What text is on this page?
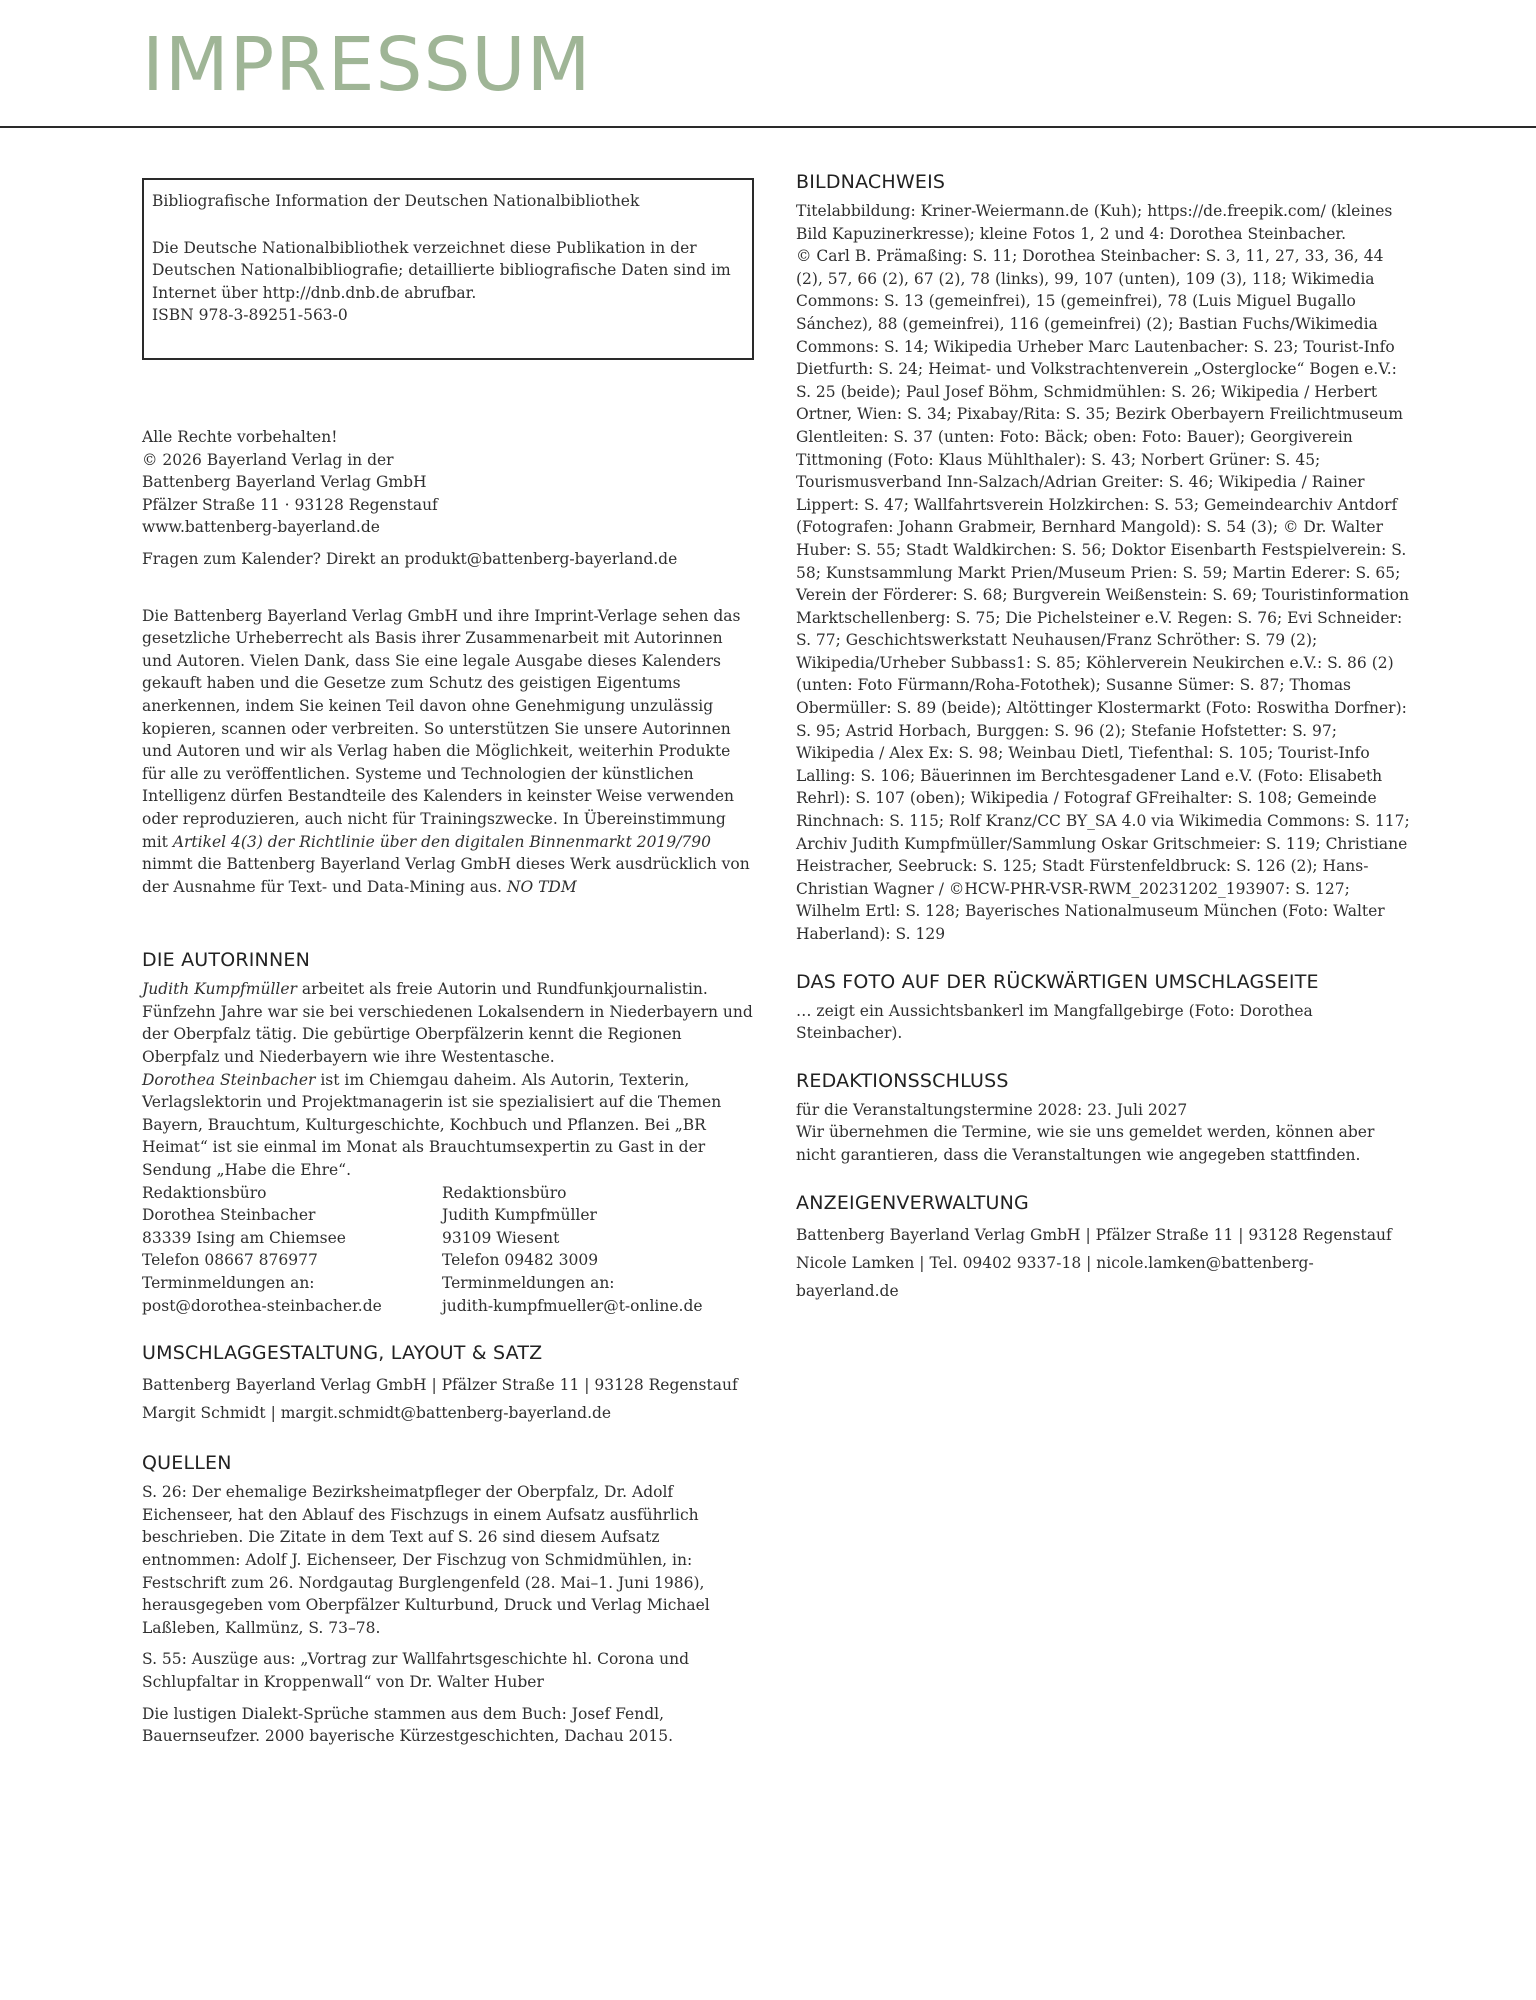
IMPRESSUM

Bibliografische Information der Deutschen Nationalbibliothek

Die Deutsche Nationalbibliothek verzeichnet diese Publikation in der Deutschen Nationalbibliografie; detaillierte bibliografische Daten sind im Internet über http://dnb.dnb.de abrufbar.

ISBN 978-3-89251-563-0

Alle Rechte vorbehalten!

© 2026 Bayerland Verlag in der

Battenberg Bayerland Verlag GmbH

Pfälzer Straße 11 · 93128 Regenstauf

www.battenberg-bayerland.de

Fragen zum Kalender? Direkt an produkt@battenberg-bayerland.de

Die Battenberg Bayerland Verlag GmbH und ihre Imprint-Verlage sehen das gesetzliche Urheberrecht als Basis ihrer Zusammenarbeit mit Autorinnen und Autoren. Vielen Dank, dass Sie eine legale Ausgabe dieses Kalenders gekauft haben und die Gesetze zum Schutz des geistigen Eigentums anerkennen, indem Sie keinen Teil davon ohne Genehmigung unzulässig kopieren, scannen oder verbreiten. So unterstützen Sie unsere Autorinnen und Autoren und wir als Verlag haben die Möglichkeit, weiterhin Produkte für alle zu veröffentlichen. Systeme und Technologien der künstlichen Intelligenz dürfen Bestandteile des Kalenders in keinster Weise verwenden oder reproduzieren, auch nicht für Trainingszwecke. In Übereinstimmung mit Artikel 4(3) der Richtlinie über den digitalen Binnenmarkt 2019/790 nimmt die Battenberg Bayerland Verlag GmbH dieses Werk ausdrücklich von der Ausnahme für Text- und Data-Mining aus. NO TDM

DIE AUTORINNEN

Judith Kumpfmüller arbeitet als freie Autorin und Rundfunkjournalistin. Fünfzehn Jahre war sie bei verschiedenen Lokalsendern in Niederbayern und der Oberpfalz tätig. Die gebürtige Oberpfälzerin kennt die Regionen Oberpfalz und Niederbayern wie ihre Westentasche.

Dorothea Steinbacher ist im Chiemgau daheim. Als Autorin, Texterin, Verlagslektorin und Projektmanagerin ist sie spezialisiert auf die Themen Bayern, Brauchtum, Kulturgeschichte, Kochbuch und Pflanzen. Bei „BR Heimat“ ist sie einmal im Monat als Brauchtumsexpertin zu Gast in der Sendung „Habe die Ehre“.

Redaktionsbüro

Dorothea Steinbacher

83339 Ising am Chiemsee

Telefon 08667 876977

Terminmeldungen an:

post@dorothea-steinbacher.de

Redaktionsbüro

Judith Kumpfmüller

93109 Wiesent

Telefon 09482 3009

Terminmeldungen an:

judith-kumpfmueller@t-online.de

UMSCHLAGGESTALTUNG, LAYOUT & SATZ

Battenberg Bayerland Verlag GmbH | Pfälzer Straße 11 | 93128 Regenstauf

Margit Schmidt | margit.schmidt@battenberg-bayerland.de

QUELLEN

S. 26: Der ehemalige Bezirksheimatpfleger der Oberpfalz, Dr. Adolf Eichenseer, hat den Ablauf des Fischzugs in einem Aufsatz ausführlich beschrieben. Die Zitate in dem Text auf S. 26 sind diesem Aufsatz entnommen: Adolf J. Eichenseer, Der Fischzug von Schmidmühlen, in: Festschrift zum 26. Nordgautag Burglengenfeld (28. Mai–1. Juni 1986), herausgegeben vom Oberpfälzer Kulturbund, Druck und Verlag Michael Laßleben, Kallmünz, S. 73–78.

S. 55: Auszüge aus: „Vortrag zur Wallfahrtsgeschichte hl. Corona und Schlupfaltar in Kroppenwall“ von Dr. Walter Huber

Die lustigen Dialekt-Sprüche stammen aus dem Buch: Josef Fendl, Bauernseufzer. 2000 bayerische Kürzestgeschichten, Dachau 2015.

BILDNACHWEIS

Titelabbildung: Kriner-Weiermann.de (Kuh); https://de.freepik.com/ (kleines Bild Kapuzinerkresse); kleine Fotos 1, 2 und 4: Dorothea Steinbacher.

© Carl B. Prämaßing: S. 11; Dorothea Steinbacher: S. 3, 11, 27, 33, 36, 44 (2), 57, 66 (2), 67 (2), 78 (links), 99, 107 (unten), 109 (3), 118; Wikimedia Commons: S. 13 (gemeinfrei), 15 (gemeinfrei), 78 (Luis Miguel Bugallo Sánchez), 88 (gemeinfrei), 116 (gemeinfrei) (2); Bastian Fuchs/Wikimedia Commons: S. 14; Wikipedia Urheber Marc Lautenbacher: S. 23; Tourist-Info Dietfurth: S. 24; Heimat- und Volkstrachtenverein „Osterglocke“ Bogen e.V.: S. 25 (beide); Paul Josef Böhm, Schmidmühlen: S. 26; Wikipedia / Herbert Ortner, Wien: S. 34; Pixabay/Rita: S. 35; Bezirk Oberbayern Freilichtmuseum Glentleiten: S. 37 (unten: Foto: Bäck; oben: Foto: Bauer); Georgiverein Tittmoning (Foto: Klaus Mühlthaler): S. 43; Norbert Grüner: S. 45; Tourismusverband Inn-Salzach/Adrian Greiter: S. 46; Wikipedia / Rainer Lippert: S. 47; Wallfahrtsverein Holzkirchen: S. 53; Gemeindearchiv Antdorf (Fotografen: Johann Grabmeir, Bernhard Mangold): S. 54 (3); © Dr. Walter Huber: S. 55; Stadt Waldkirchen: S. 56; Doktor Eisenbarth Festspielverein: S. 58; Kunstsammlung Markt Prien/Museum Prien: S. 59; Martin Ederer: S. 65; Verein der Förderer: S. 68; Burgverein Weißenstein: S. 69; Touristinformation Marktschellenberg: S. 75; Die Pichelsteiner e.V. Regen: S. 76; Evi Schneider: S. 77; Geschichtswerkstatt Neuhausen/Franz Schröther: S. 79 (2); Wikipedia/Urheber Subbass1: S. 85; Köhlerverein Neukirchen e.V.: S. 86 (2) (unten: Foto Fürmann/Roha-Fotothek); Susanne Sümer: S. 87; Thomas Obermüller: S. 89 (beide); Altöttinger Klostermarkt (Foto: Roswitha Dorfner): S. 95; Astrid Horbach, Burggen: S. 96 (2); Stefanie Hofstetter: S. 97; Wikipedia / Alex Ex: S. 98; Weinbau Dietl, Tiefenthal: S. 105; Tourist-Info Lalling: S. 106; Bäuerinnen im Berchtesgadener Land e.V. (Foto: Elisabeth Rehrl): S. 107 (oben); Wikipedia / Fotograf GFreihalter: S. 108; Gemeinde Rinchnach: S. 115; Rolf Kranz/CC BY_SA 4.0 via Wikimedia Commons: S. 117; Archiv Judith Kumpfmüller/Sammlung Oskar Gritschmeier: S. 119; Christiane Heistracher, Seebruck: S. 125; Stadt Fürstenfeldbruck: S. 126 (2); Hans-Christian Wagner / ©HCW-PHR-VSR-RWM_20231202_193907: S. 127; Wilhelm Ertl: S. 128; Bayerisches Nationalmuseum München (Foto: Walter Haberland): S. 129

DAS FOTO AUF DER RÜCKWÄRTIGEN UMSCHLAGSEITE

… zeigt ein Aussichtsbankerl im Mangfallgebirge (Foto: Dorothea Steinbacher).

REDAKTIONSSCHLUSS

für die Veranstaltungstermine 2028: 23. Juli 2027

Wir übernehmen die Termine, wie sie uns gemeldet werden, können aber nicht garantieren, dass die Veranstaltungen wie angegeben stattfinden.

ANZEIGENVERWALTUNG

Battenberg Bayerland Verlag GmbH | Pfälzer Straße 11 | 93128 Regenstauf

Nicole Lamken | Tel. 09402 9337-18 | nicole.lamken@battenberg-bayerland.de
